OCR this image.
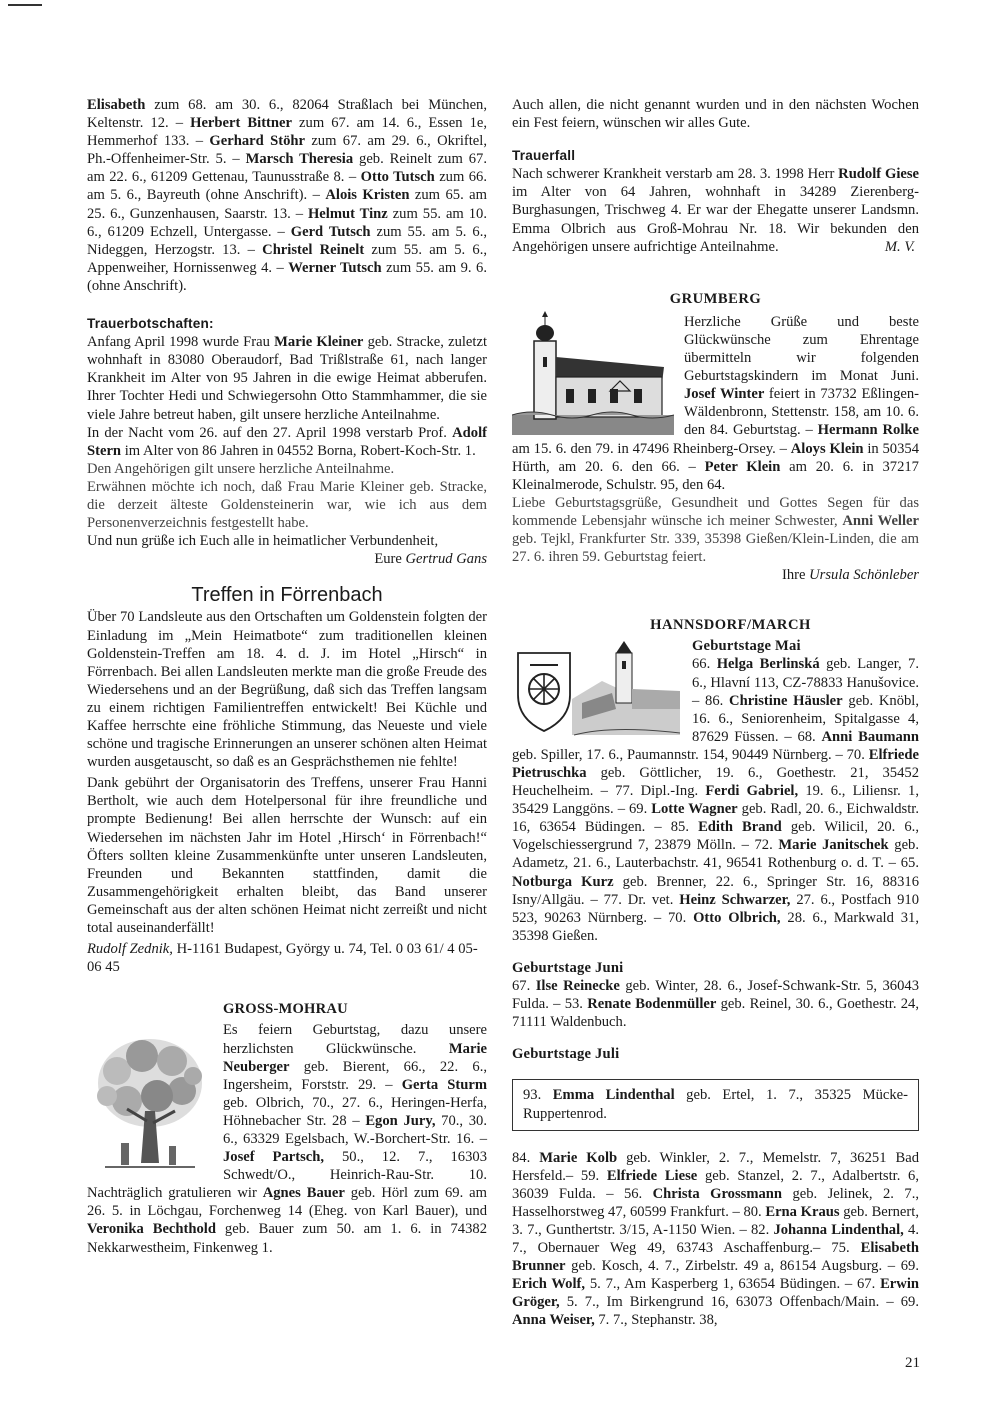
Elisabeth zum 68. am 30. 6., 82064 Straßlach bei München, Keltenstr. 12. – Herbert Bittner zum 67. am 14. 6., Essen 1e, Hemmerhof 133. – Gerhard Stöhr zum 67. am 29. 6., Okriftel, Ph.-Offenheimer-Str. 5. – Marsch Theresia geb. Reinelt zum 67. am 22. 6., 61209 Gettenau, Taunusstraße 8. – Otto Tutsch zum 66. am 5. 6., Bayreuth (ohne Anschrift). – Alois Kristen zum 65. am 25. 6., Gunzenhausen, Saarstr. 13. – Helmut Tinz zum 55. am 10. 6., 61209 Echzell, Untergasse. – Gerd Tutsch zum 55. am 5. 6., Nideggen, Herzogstr. 13. – Christel Reinelt zum 55. am 5. 6., Appenweiher, Hornissenweg 4. – Werner Tutsch zum 55. am 9. 6. (ohne Anschrift).

Trauerbotschaften:

Anfang April 1998 wurde Frau Marie Kleiner geb. Stracke, zuletzt wohnhaft in 83080 Oberaudorf, Bad Trißlstraße 61, nach langer Krankheit im Alter von 95 Jahren in die ewige Heimat abberufen. Ihrer Tochter Hedi und Schwiegersohn Otto Stammhammer, die sie viele Jahre betreut haben, gilt unsere herzliche Anteilnahme.

In der Nacht vom 26. auf den 27. April 1998 verstarb Prof. Adolf Stern im Alter von 86 Jahren in 04552 Borna, Robert-Koch-Str. 1.

Den Angehörigen gilt unsere herzliche Anteilnahme.

Erwähnen möchte ich noch, daß Frau Marie Kleiner geb. Stracke, die derzeit älteste Goldensteinerin war, wie ich aus dem Personenverzeichnis festgestellt habe.

Und nun grüße ich Euch alle in heimatlicher Verbundenheit,

Eure Gertrud Gans

Treffen in Förrenbach

Über 70 Landsleute aus den Ortschaften um Goldenstein folgten der Einladung im „Mein Heimatbote“ zum traditionellen kleinen Goldenstein-Treffen am 18. 4. d. J. im Hotel „Hirsch“ in Förrenbach. Bei allen Landsleuten merkte man die große Freude des Wiedersehens und an der Begrüßung, daß sich das Treffen langsam zu einem richtigen Familientreffen entwickelt! Bei Küchle und Kaffee herrschte eine fröhliche Stimmung, das Neueste und viele schöne und tragische Erinnerungen an unserer schönen alten Heimat wurden ausgetauscht, so daß es an Gesprächsthemen nie fehlte!

Dank gebührt der Organisatorin des Treffens, unserer Frau Hanni Bertholt, wie auch dem Hotelpersonal für ihre freundliche und prompte Bedienung! Bei allen herrschte der Wunsch: auf ein Wiedersehen im nächsten Jahr im Hotel ‚Hirsch‘ in Förrenbach!“ Öfters sollten kleine Zusammenkünfte unter unseren Landsleuten, Freunden und Bekannten stattfinden, damit die Zusammengehörigkeit erhalten bleibt, das Band unserer Gemeinschaft aus der alten schönen Heimat nicht zerreißt und nicht total auseinanderfällt!

Rudolf Zednik, H-1161 Budapest, György u. 74, Tel. 0 03 61/ 4 05-06 45

GROSS-MOHRAU

Es feiern Geburtstag, dazu unsere herzlichsten Glückwünsche. Marie Neuberger geb. Bierent, 66., 22. 6., Ingersheim, Forststr. 29. – Gerta Sturm geb. Olbrich, 70., 27. 6., Heringen-Herfa, Höhnebacher Str. 28 – Egon Jury, 70., 30. 6., 63329 Egelsbach, W.-Borchert-Str. 16. – Josef Partsch, 50., 12. 7., 16303 Schwedt/O., Heinrich-Rau-Str. 10. Nachträglich gratulieren wir Agnes Bauer geb. Hörl zum 69. am 26. 5. in Löchgau, Forchenweg 14 (Eheg. von Karl Bauer), und Veronika Bechthold geb. Bauer zum 50. am 1. 6. in 74382 Nekkarwestheim, Finkenweg 1.

Auch allen, die nicht genannt wurden und in den nächsten Wochen ein Fest feiern, wünschen wir alles Gute.

Trauerfall

Nach schwerer Krankheit verstarb am 28. 3. 1998 Herr Rudolf Giese im Alter von 64 Jahren, wohnhaft in 34289 Zierenberg-Burghasungen, Trischweg 4. Er war der Ehegatte unserer Landsmn. Emma Olbrich aus Groß-Mohrau Nr. 18. Wir bekunden den Angehörigen unsere aufrichtige Anteilnahme.	M. V.

GRUMBERG

Herzliche Grüße und beste Glückwünsche zum Ehrentage übermitteln wir folgenden Geburtstagskindern im Monat Juni. Josef Winter feiert in 73732 Eßlingen-Wäldenbronn, Stettenstr. 158, am 10. 6. den 84. Geburtstag. – Hermann Rolke am 15. 6. den 79. in 47496 Rheinberg-Orsey. – Aloys Klein in 50354 Hürth, am 20. 6. den 66. – Peter Klein am 20. 6. in 37217 Kleinalmerode, Schulstr. 95, den 64.

Liebe Geburtstagsgrüße, Gesundheit und Gottes Segen für das kommende Lebensjahr wünsche ich meiner Schwester, Anni Weller geb. Tejkl, Frankfurter Str. 339, 35398 Gießen/Klein-Linden, die am 27. 6. ihren 59. Geburtstag feiert.

Ihre Ursula Schönleber

HANNSDORF/MARCH

Geburtstage Mai

66. Helga Berlinská geb. Langer, 7. 6., Hlavní 113, CZ-78833 Hanušovice. – 86. Christine Häusler geb. Knöbl, 16. 6., Seniorenheim, Spitalgasse 4, 87629 Füssen. – 68. Anni Baumann geb. Spiller, 17. 6., Paumannstr. 154, 90449 Nürnberg. – 70. Elfriede Pietruschka geb. Göttlicher, 19. 6., Goethestr. 21, 35452 Heuchelheim. – 77. Dipl.-Ing. Ferdi Gabriel, 19. 6., Liliensr. 1, 35429 Langgöns. – 69. Lotte Wagner geb. Radl, 20. 6., Eichwaldstr. 16, 63654 Büdingen. – 85. Edith Brand geb. Wilicil, 20. 6., Vogelschiessergrund 7, 23879 Mölln. – 72. Marie Janitschek geb. Adametz, 21. 6., Lauterbachstr. 41, 96541 Rothenburg o. d. T. – 65. Notburga Kurz geb. Brenner, 22. 6., Springer Str. 16, 88316 Isny/Allgäu. – 77. Dr. vet. Heinz Schwarzer, 27. 6., Postfach 910 523, 90263 Nürnberg. – 70. Otto Olbrich, 28. 6., Markwald 31, 35398 Gießen.

Geburtstage Juni

67. Ilse Reinecke geb. Winter, 28. 6., Josef-Schwank-Str. 5, 36043 Fulda. – 53. Renate Bodenmüller geb. Reinel, 30. 6., Goethestr. 24, 71111 Waldenbuch.

Geburtstage Juli

93. Emma Lindenthal geb. Ertel, 1. 7., 35325 Mücke-Ruppertenrod.

84. Marie Kolb geb. Winkler, 2. 7., Memelstr. 7, 36251 Bad Hersfeld.– 59. Elfriede Liese geb. Stanzel, 2. 7., Adalbertstr. 6, 36039 Fulda. – 56. Christa Grossmann geb. Jelinek, 2. 7., Hasselhorstweg 47, 60599 Frankfurt. – 80. Erna Kraus geb. Bernert, 3. 7., Gunthertstr. 3/15, A-1150 Wien. – 82. Johanna Lindenthal, 4. 7., Obernauer Weg 49, 63743 Aschaffenburg.– 75. Elisabeth Brunner geb. Kosch, 4. 7., Zirbelstr. 49 a, 86154 Augsburg. – 69. Erich Wolf, 5. 7., Am Kasperberg 1, 63654 Büdingen. – 67. Erwin Gröger, 5. 7., Im Birkengrund 16, 63073 Offenbach/Main. – 69. Anna Weiser, 7. 7., Stephanstr. 38,

21
